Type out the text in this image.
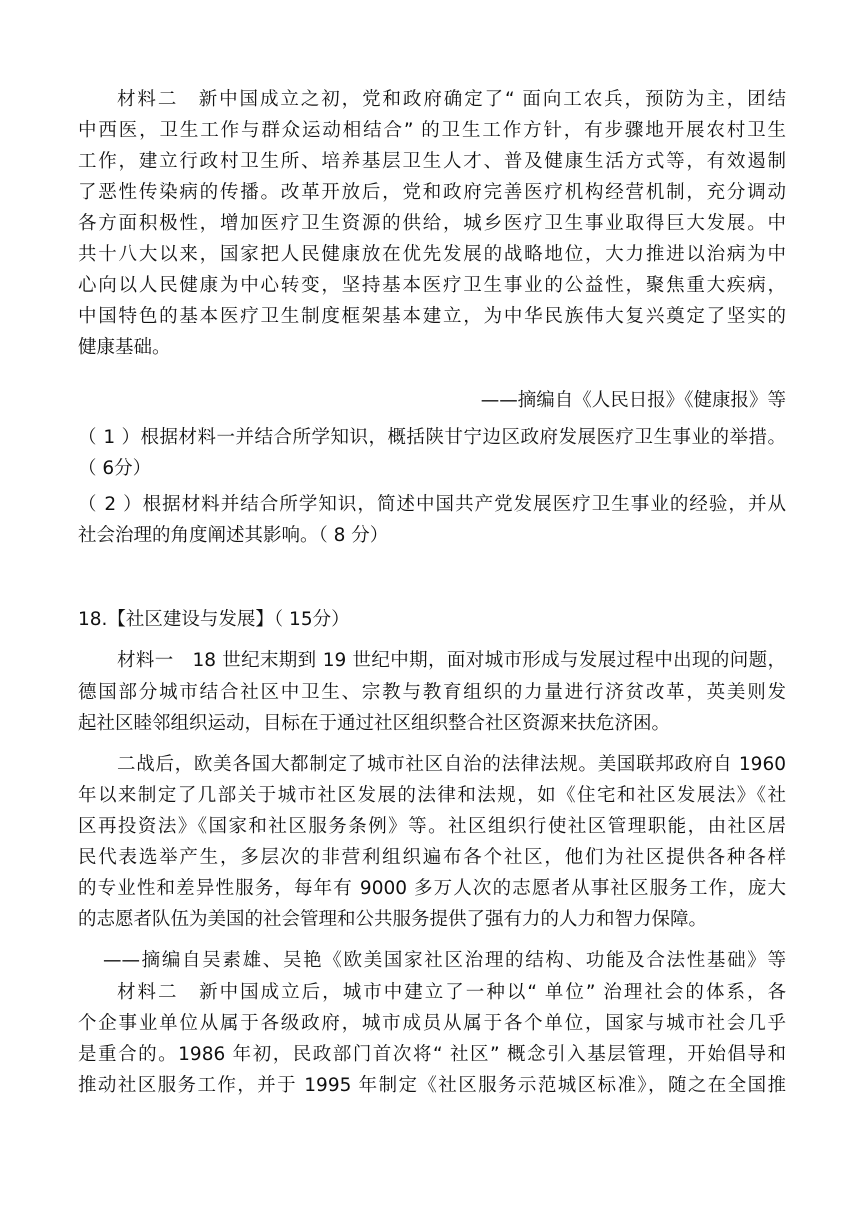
材料二　新中国成立之初，党和政府确定了“ 面向工农兵，预防为主，团结
中西医，卫生工作与群众运动相结合” 的卫生工作方针，有步骤地开展农村卫生
工作，建立行政村卫生所、培养基层卫生人才、普及健康生活方式等，有效遏制
了恶性传染病的传播。改革开放后，党和政府完善医疗机构经营机制，充分调动
各方面积极性，增加医疗卫生资源的供给，城乡医疗卫生事业取得巨大发展。中
共十八大以来，国家把人民健康放在优先发展的战略地位，大力推进以治病为中
心向以人民健康为中心转变，坚持基本医疗卫生事业的公益性，聚焦重大疾病，
中国特色的基本医疗卫生制度框架基本建立，为中华民族伟大复兴奠定了坚实的
健康基础。
——摘编自《人民日报》《健康报》等
（ 1 ）根据材料一并结合所学知识，概括陕甘宁边区政府发展医疗卫生事业的举措。
（ 6分）
（ 2 ）根据材料并结合所学知识，简述中国共产党发展医疗卫生事业的经验，并从
社会治理的角度阐述其影响。（ 8 分）
18.【社区建设与发展】（ 15分）
材料一　18 世纪末期到 19 世纪中期，面对城市形成与发展过程中出现的问题，
德国部分城市结合社区中卫生、宗教与教育组织的力量进行济贫改革，英美则发
起社区睦邻组织运动，目标在于通过社区组织整合社区资源来扶危济困。
二战后，欧美各国大都制定了城市社区自治的法律法规。美国联邦政府自 1960
年以来制定了几部关于城市社区发展的法律和法规，如《住宅和社区发展法》《社
区再投资法》《国家和社区服务条例》等。社区组织行使社区管理职能，由社区居
民代表选举产生，多层次的非营利组织遍布各个社区，他们为社区提供各种各样
的专业性和差异性服务，每年有 9000 多万人次的志愿者从事社区服务工作，庞大
的志愿者队伍为美国的社会管理和公共服务提供了强有力的人力和智力保障。
——摘编自吴素雄、吴艳《欧美国家社区治理的结构、功能及合法性基础》等
材料二　新中国成立后，城市中建立了一种以“ 单位” 治理社会的体系，各
个企事业单位从属于各级政府，城市成员从属于各个单位，国家与城市社会几乎
是重合的。1986 年初，民政部门首次将“ 社区” 概念引入基层管理，开始倡导和
推动社区服务工作，并于 1995 年制定《社区服务示范城区标准》，随之在全国推
